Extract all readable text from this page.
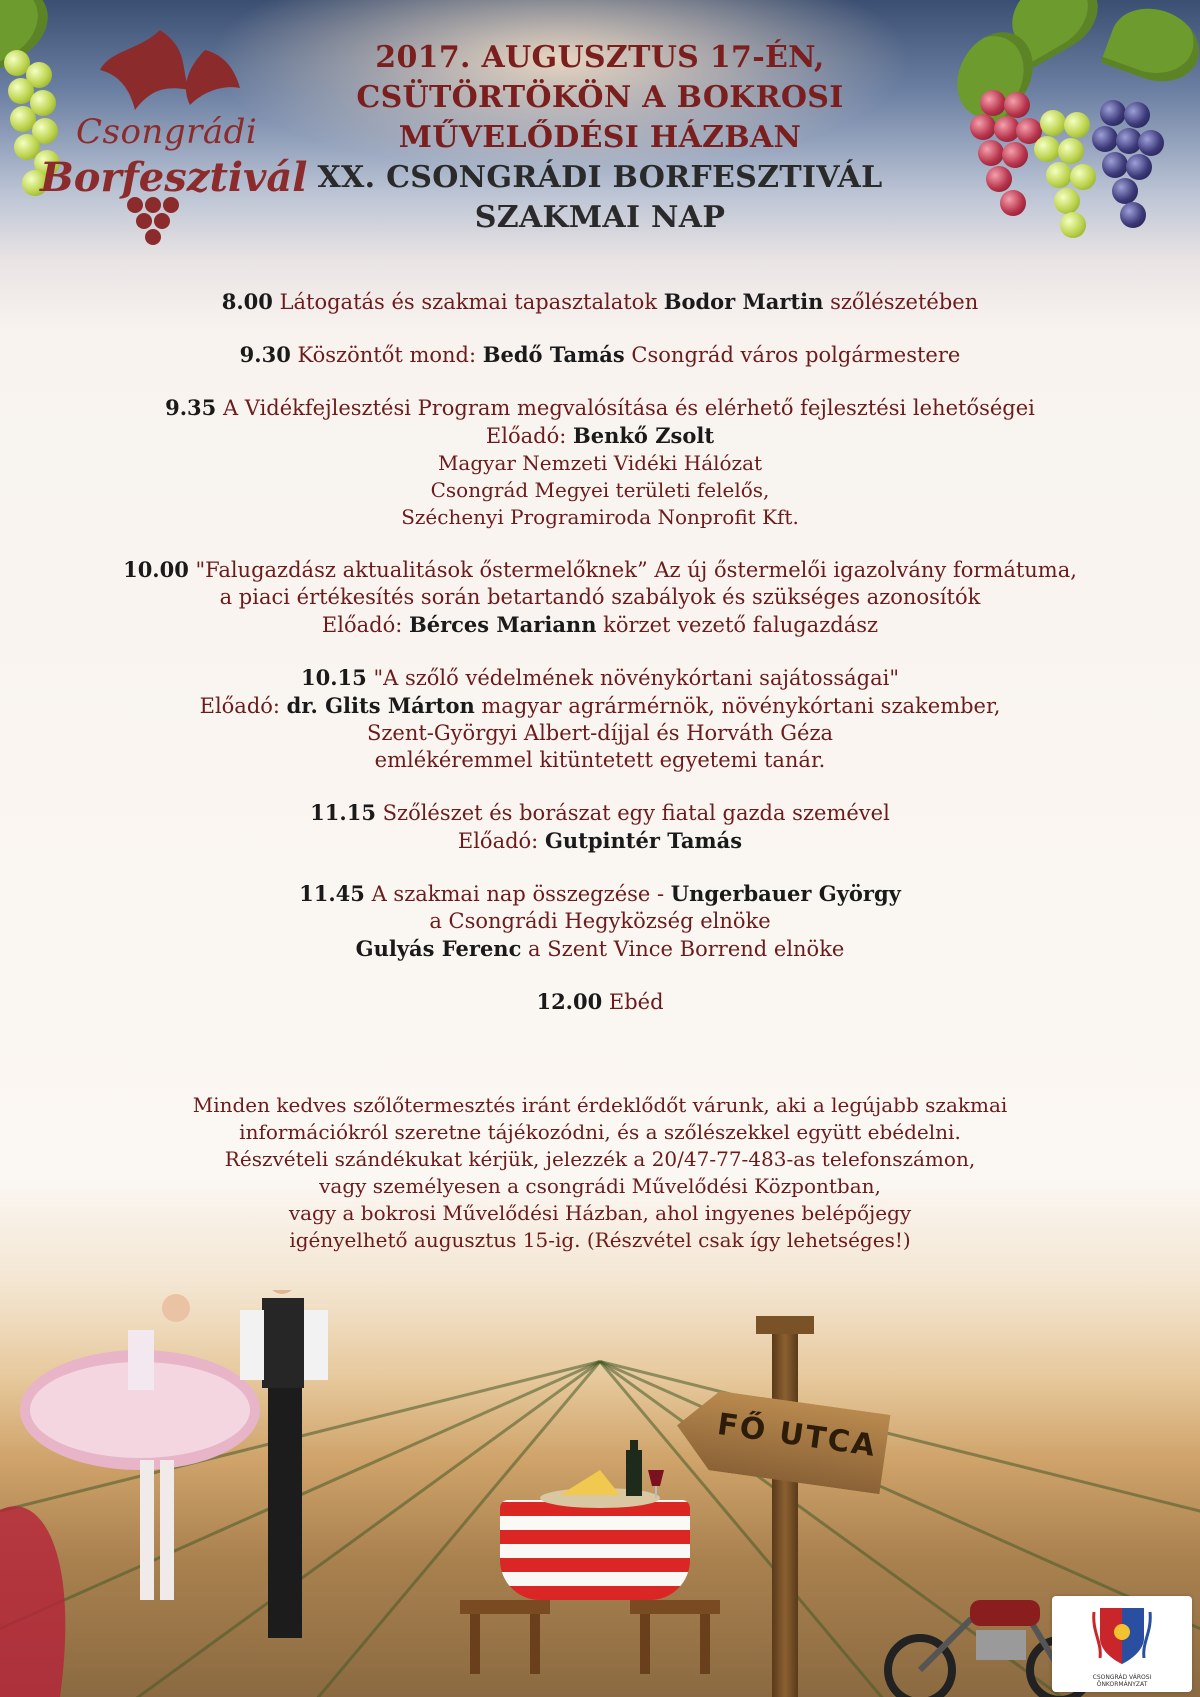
Csongrádi
Borfesztivál
2017. AUGUSZTUS 17-ÉN,
CSÜTÖRTÖKÖN A BOKROSI
MŰVELŐDÉSI HÁZBAN
XX. CSONGRÁDI BORFESZTIVÁL
SZAKMAI NAP
8.00 Látogatás és szakmai tapasztalatok Bodor Martin szőlészetében
9.30 Köszöntőt mond: Bedő Tamás Csongrád város polgármestere
9.35 A Vidékfejlesztési Program megvalósítása és elérhető fejlesztési lehetőségei
Előadó: Benkő Zsolt
Magyar Nemzeti Vidéki Hálózat
Csongrád Megyei területi felelős,
Széchenyi Programiroda Nonprofit Kft.
10.00 "Falugazdász aktualitások őstermelőknek” Az új őstermelői igazolvány formátuma,
a piaci értékesítés során betartandó szabályok és szükséges azonosítók
Előadó: Bérces Mariann körzet vezető falugazdász
10.15 "A szőlő védelmének növénykórtani sajátosságai"
Előadó: dr. Glits Márton magyar agrármérnök, növénykórtani szakember,
Szent-Györgyi Albert-díjjal és Horváth Géza
emlékéremmel kitüntetett egyetemi tanár.
11.15 Szőlészet és borászat egy fiatal gazda szemével
Előadó: Gutpintér Tamás
11.45 A szakmai nap összegzése - Ungerbauer György
a Csongrádi Hegyközség elnöke
Gulyás Ferenc a Szent Vince Borrend elnöke
12.00 Ebéd
Minden kedves szőlőtermesztés iránt érdeklődőt várunk, aki a legújabb szakmai
információkról szeretne tájékozódni, és a szőlészekkel együtt ebédelni.
Részvételi szándékukat kérjük, jelezzék a 20/47-77-483-as telefonszámon,
vagy személyesen a csongrádi Művelődési Központban,
vagy a bokrosi Művelődési Házban, ahol ingyenes belépőjegy
igényelhető augusztus 15-ig. (Részvétel csak így lehetséges!)
FŐ UTCA
CSONGRÁD VÁROSI
ÖNKORMÁNYZAT
